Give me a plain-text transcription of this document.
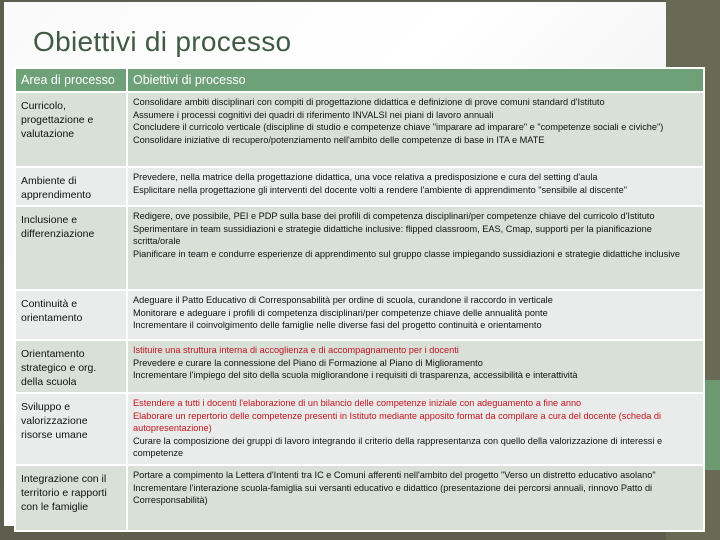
Obiettivi di processo
Area di processo	Obiettivi di processo
Curricolo, progettazione e valutazione	Consolidare ambiti disciplinari con compiti di progettazione didattica e definizione di prove comuni standard d'Istituto
Assumere i processi cognitivi dei quadri di riferimento INVALSI nei piani di lavoro annuali
Concludere il curricolo verticale (discipline di studio e competenze chiave "imparare ad imparare" e "competenze sociali e civiche")
Consolidare iniziative di recupero/potenziamento nell'ambito delle competenze di base in ITA e MATE

Ambiente di apprendimento	Prevedere, nella matrice della progettazione didattica, una voce relativa a predisposizione e cura del setting d'aula
Esplicitare nella progettazione gli interventi del docente volti a rendere l'ambiente di apprendimento "sensibile al discente"

Inclusione e differenziazione	Redigere, ove possibile, PEI e PDP sulla base dei profili di competenza disciplinari/per competenze chiave del curricolo d'Istituto
Sperimentare in team sussidiazioni e strategie didattiche inclusive: flipped classroom, EAS, Cmap, supporti per la pianificazione scritta/orale
Pianificare in team e condurre esperienze di apprendimento sul gruppo classe impiegando sussidiazioni e strategie didattiche inclusive

Continuità e orientamento	Adeguare il Patto Educativo di Corresponsabilità per ordine di scuola, curandone il raccordo in verticale
Monitorare e adeguare i profili di competenza disciplinari/per competenze chiave delle annualità ponte
Incrementare il coinvolgimento delle famiglie nelle diverse fasi del progetto continuità e orientamento

Orientamento strategico e org. della scuola	Istituire una struttura interna di accoglienza e di accompagnamento per i docenti
Prevedere e curare la connessione del Piano di Formazione al Piano di Miglioramento
Incrementare l'impiego del sito della scuola migliorandone i requisiti di trasparenza, accessibilità e interattività

Sviluppo e valorizzazione risorse umane	Estendere a tutti i docenti l'elaborazione di un bilancio delle competenze iniziale con adeguamento a fine anno
Elaborare un repertorio delle competenze presenti in Istituto mediante apposito format da compilare a cura del docente (scheda di autopresentazione)
Curare la composizione dei gruppi di lavoro integrando il criterio della rappresentanza con quello della valorizzazione di interessi e competenze

Integrazione con il territorio e rapporti con le famiglie	Portare a compimento la Lettera d'Intenti tra IC e Comuni afferenti nell'ambito del progetto "Verso un distretto educativo asolano"
Incrementare l'interazione scuola-famiglia sui versanti educativo e didattico (presentazione dei percorsi annuali, rinnovo Patto di Corresponsabilità)
